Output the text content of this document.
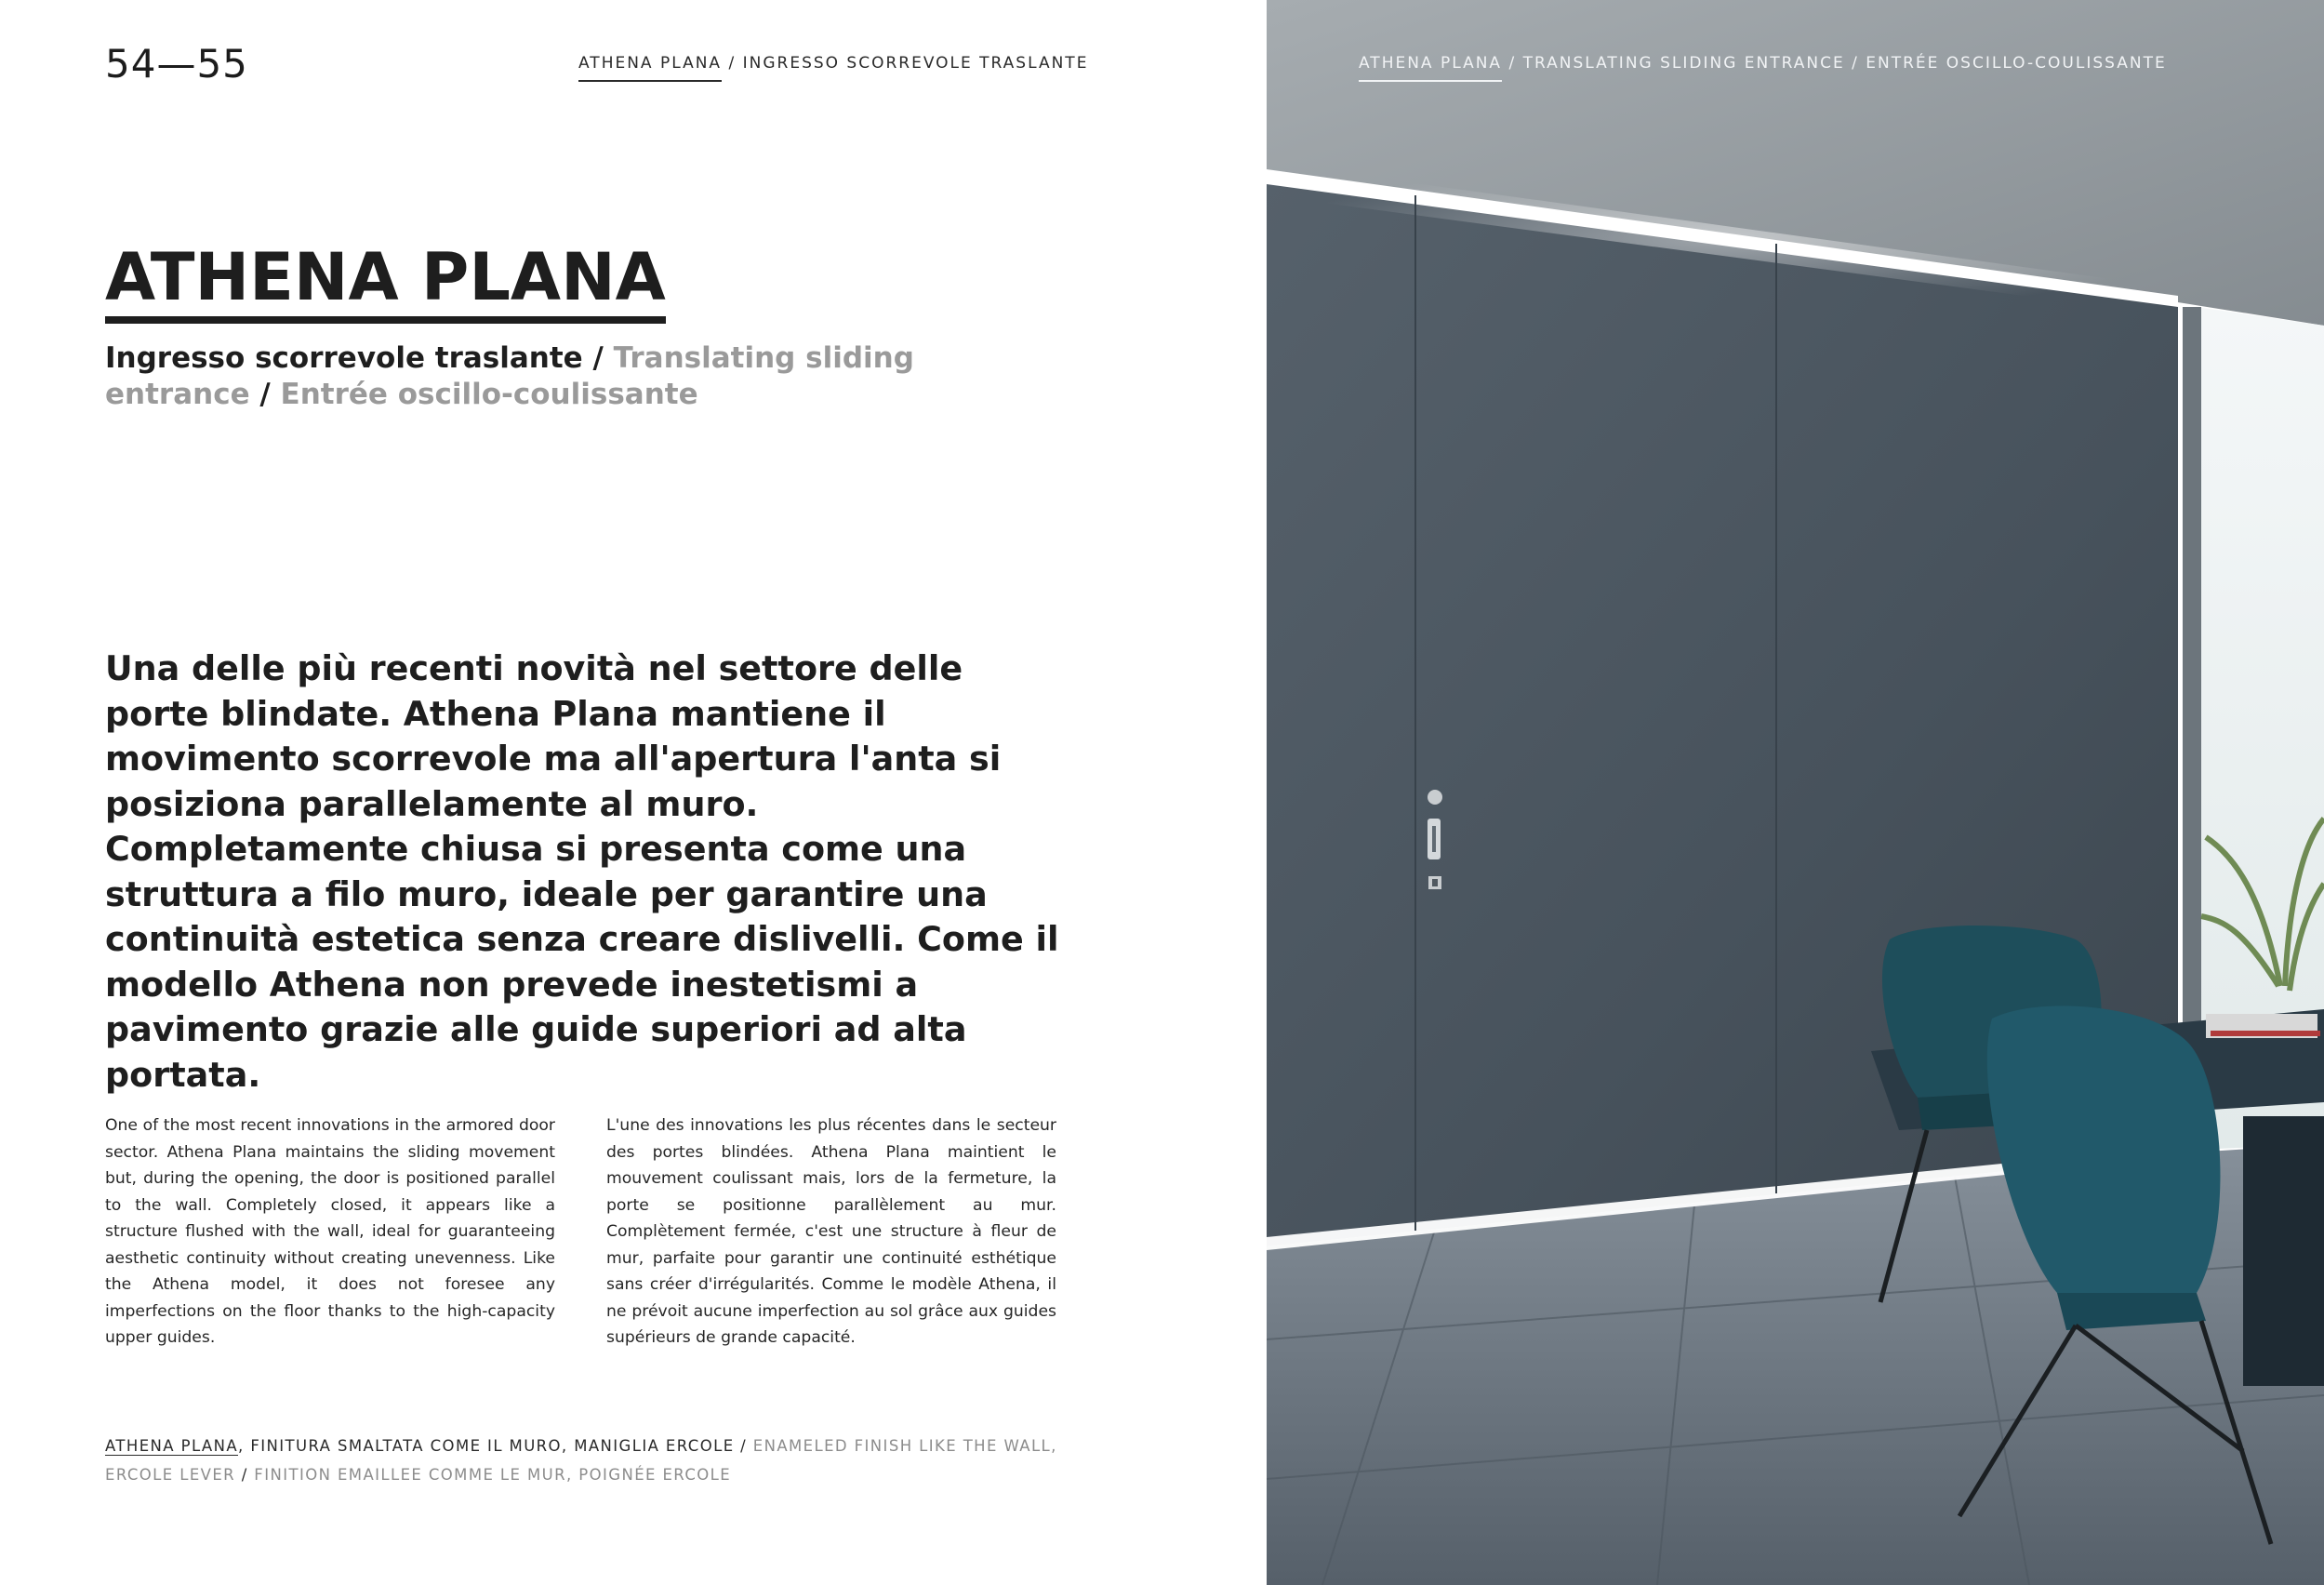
54—55	ATHENA PLANA / INGRESSO SCORREVOLE TRASLANTE
ATHENA PLANA

Ingresso scorrevole traslante / Translating sliding entrance / Entrée oscillo-coulissante

Una delle più recenti novità nel settore delle porte blindate. Athena Plana mantiene il movimento scorrevole ma all'apertura l'anta si posiziona parallelamente al muro. Completamente chiusa si presenta come una struttura a filo muro, ideale per garantire una continuità estetica senza creare dislivelli. Come il modello Athena non prevede inestetismi a pavimento grazie alle guide superiori ad alta portata.

One of the most recent innovations in the armored door sector. Athena Plana maintains the sliding movement but, during the opening, the door is positioned parallel to the wall. Completely closed, it appears like a structure flushed with the wall, ideal for guaranteeing aesthetic continuity without creating unevenness. Like the Athena model, it does not foresee any imperfections on the floor thanks to the high-capacity upper guides.

L'une des innovations les plus récentes dans le secteur des portes blindées. Athena Plana maintient le mouvement coulissant mais, lors de la fermeture, la porte se positionne parallèlement au mur. Complètement fermée, c'est une structure à fleur de mur, parfaite pour garantir une continuité esthétique sans créer d'irrégularités. Comme le modèle Athena, il ne prévoit aucune imperfection au sol grâce aux guides supérieurs de grande capacité.

ATHENA PLANA, FINITURA SMALTATA COME IL MURO, MANIGLIA ERCOLE / ENAMELED FINISH LIKE THE WALL, ERCOLE LEVER / FINITION EMAILLEE COMME LE MUR, POIGNÉE ERCOLE

ATHENA PLANA / TRANSLATING SLIDING ENTRANCE / ENTRÉE OSCILLO-COULISSANTE
